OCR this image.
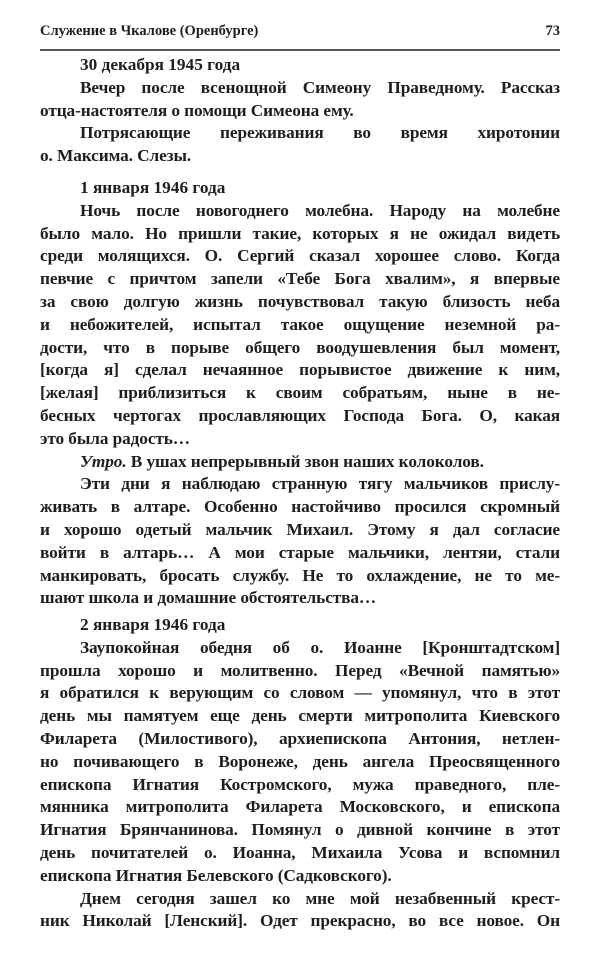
Служение в Чкалове (Оренбурге)	73
30 декабря 1945 года
Вечер после всенощной Симеону Праведному. Рассказ
отца-настоятеля о помощи Симеона ему.
Потрясающие переживания во время хиротонии
о. Максима. Слезы.
1 января 1946 года
Ночь после новогоднего молебна. Народу на молебне
было мало. Но пришли такие, которых я не ожидал видеть
среди молящихся. О. Сергий сказал хорошее слово. Когда
певчие с причтом запели «Тебе Бога хвалим», я впервые
за свою долгую жизнь почувствовал такую близость неба
и небожителей, испытал такое ощущение неземной ра-
дости, что в порыве общего воодушевления был момент,
[когда я] сделал нечаянное порывистое движение к ним,
[желая] приблизиться к своим собратьям, ныне в не-
бесных чертогах прославляющих Господа Бога. О, какая
это была радость…
Утро. В ушах непрерывный звон наших колоколов.
Эти дни я наблюдаю странную тягу мальчиков прислу-
живать в алтаре. Особенно настойчиво просился скромный
и хорошо одетый мальчик Михаил. Этому я дал согласие
войти в алтарь… А мои старые мальчики, лентяи, стали
манкировать, бросать службу. Не то охлаждение, не то ме-
шают школа и домашние обстоятельства…
2 января 1946 года
Заупокойная обедня об о. Иоанне [Кронштадтском]
прошла хорошо и молитвенно. Перед «Вечной памятью»
я обратился к верующим со словом — упомянул, что в этот
день мы памятуем еще день смерти митрополита Киевского
Филарета (Милостивого), архиепископа Антония, нетлен-
но почивающего в Воронеже, день ангела Преосвященного
епископа Игнатия Костромского, мужа праведного, пле-
мянника митрополита Филарета Московского, и епископа
Игнатия Брянчанинова. Помянул о дивной кончине в этот
день почитателей о. Иоанна, Михаила Усова и вспомнил
епископа Игнатия Белевского (Садковского).
Днем сегодня зашел ко мне мой незабвенный крест-
ник Николай [Ленский]. Одет прекрасно, во все новое. Он
